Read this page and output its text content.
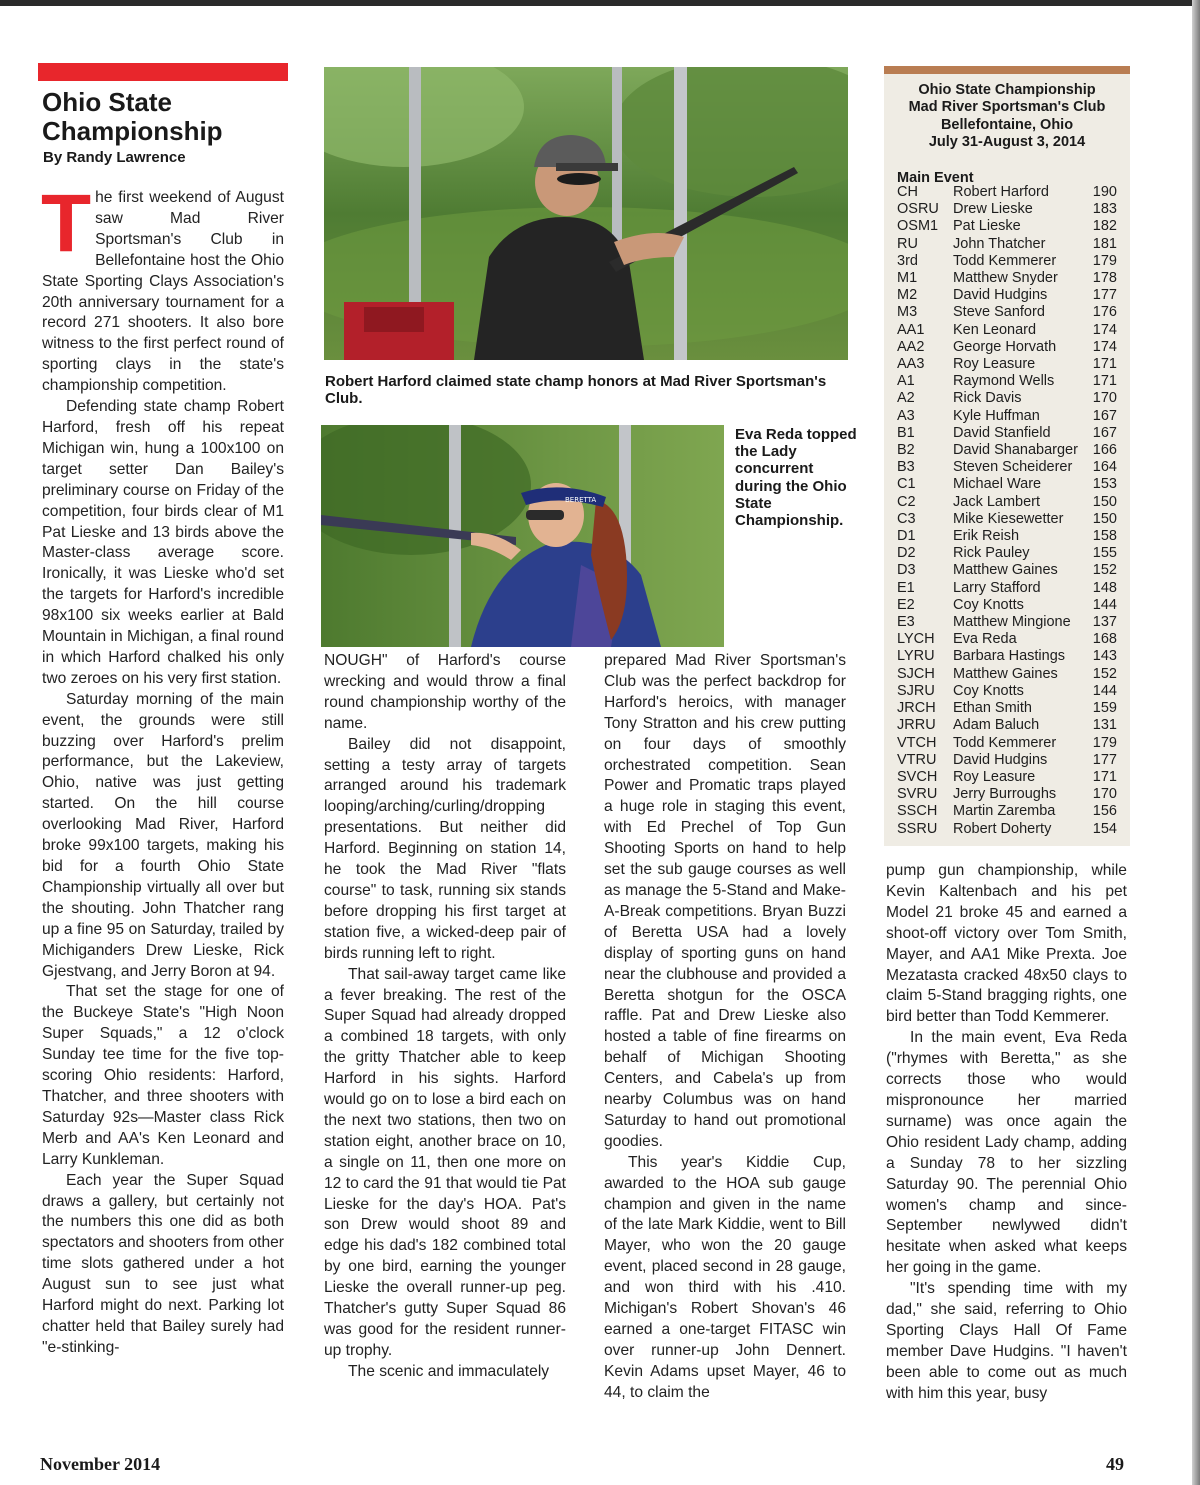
Ohio State Championship
By Randy Lawrence

The first weekend of August saw Mad River Sportsman's Club in Bellefontaine host the Ohio State Sporting Clays Association's 20th anniversary tournament for a record 271 shooters. It also bore witness to the first perfect round of sporting clays in the state's championship competition.

Defending state champ Robert Harford, fresh off his repeat Michigan win, hung a 100x100 on target setter Dan Bailey's preliminary course on Friday of the competition, four birds clear of M1 Pat Lieske and 13 birds above the Master-class average score. Ironically, it was Lieske who'd set the targets for Harford's incredible 98x100 six weeks earlier at Bald Mountain in Michigan, a final round in which Harford chalked his only two zeroes on his very first station.

Saturday morning of the main event, the grounds were still buzzing over Harford's prelim performance, but the Lakeview, Ohio, native was just getting started. On the hill course overlooking Mad River, Harford broke 99x100 targets, making his bid for a fourth Ohio State Championship virtually all over but the shouting. John Thatcher rang up a fine 95 on Saturday, trailed by Michiganders Drew Lieske, Rick Gjestvang, and Jerry Boron at 94.

That set the stage for one of the Buckeye State's "High Noon Super Squads," a 12 o'clock Sunday tee time for the five top-scoring Ohio residents: Harford, Thatcher, and three shooters with Saturday 92s—Master class Rick Merb and AA's Ken Leonard and Larry Kunkleman.

Each year the Super Squad draws a gallery, but certainly not the numbers this one did as both spectators and shooters from other time slots gathered under a hot August sun to see just what Harford might do next. Parking lot chatter held that Bailey surely had "e-stinking-

Robert Harford claimed state champ honors at Mad River Sportsman's Club.

BERETTA

Eva Reda topped the Lady concurrent during the Ohio State Championship.

NOUGH" of Harford's course wrecking and would throw a final round championship worthy of the name.

Bailey did not disappoint, setting a testy array of targets arranged around his trademark looping/arching/curling/dropping presentations. But neither did Harford. Beginning on station 14, he took the Mad River "flats course" to task, running six stands before dropping his first target at station five, a wicked-deep pair of birds running left to right.

That sail-away target came like a fever breaking. The rest of the Super Squad had already dropped a combined 18 targets, with only the gritty Thatcher able to keep Harford in his sights. Harford would go on to lose a bird each on the next two stations, then two on station eight, another brace on 10, a single on 11, then one more on 12 to card the 91 that would tie Pat Lieske for the day's HOA. Pat's son Drew would shoot 89 and edge his dad's 182 combined total by one bird, earning the younger Lieske the overall runner-up peg. Thatcher's gutty Super Squad 86 was good for the resident runner-up trophy.

The scenic and immaculately

prepared Mad River Sportsman's Club was the perfect backdrop for Harford's heroics, with manager Tony Stratton and his crew putting on four days of smoothly orchestrated competition. Sean Power and Promatic traps played a huge role in staging this event, with Ed Prechel of Top Gun Shooting Sports on hand to help set the sub gauge courses as well as manage the 5-Stand and Make-A-Break competitions. Bryan Buzzi of Beretta USA had a lovely display of sporting guns on hand near the clubhouse and provided a Beretta shotgun for the OSCA raffle. Pat and Drew Lieske also hosted a table of fine firearms on behalf of Michigan Shooting Centers, and Cabela's up from nearby Columbus was on hand Saturday to hand out promotional goodies.

This year's Kiddie Cup, awarded to the HOA sub gauge champion and given in the name of the late Mark Kiddie, went to Bill Mayer, who won the 20 gauge event, placed second in 28 gauge, and won third with his .410. Michigan's Robert Shovan's 46 earned a one-target FITASC win over runner-up John Dennert. Kevin Adams upset Mayer, 46 to 44, to claim the

Ohio State Championship
Mad River Sportsman's Club
Bellefontaine, Ohio
July 31-August 3, 2014
Main Event
CH	Robert Harford	190
OSRU	Drew Lieske	183
OSM1	Pat Lieske	182
RU	John Thatcher	181
3rd	Todd Kemmerer	179
M1	Matthew Snyder	178
M2	David Hudgins	177
M3	Steve Sanford	176
AA1	Ken Leonard	174
AA2	George Horvath	174
AA3	Roy Leasure	171
A1	Raymond Wells	171
A2	Rick Davis	170
A3	Kyle Huffman	167
B1	David Stanfield	167
B2	David Shanabarger	166
B3	Steven Scheiderer	164
C1	Michael Ware	153
C2	Jack Lambert	150
C3	Mike Kiesewetter	150
D1	Erik Reish	158
D2	Rick Pauley	155
D3	Matthew Gaines	152
E1	Larry Stafford	148
E2	Coy Knotts	144
E3	Matthew Mingione	137
LYCH	Eva Reda	168
LYRU	Barbara Hastings	143
SJCH	Matthew Gaines	152
SJRU	Coy Knotts	144
JRCH	Ethan Smith	159
JRRU	Adam Baluch	131
VTCH	Todd Kemmerer	179
VTRU	David Hudgins	177
SVCH	Roy Leasure	171
SVRU	Jerry Burroughs	170
SSCH	Martin Zaremba	156
SSRU	Robert Doherty	154

pump gun championship, while Kevin Kaltenbach and his pet Model 21 broke 45 and earned a shoot-off victory over Tom Smith, Mayer, and AA1 Mike Prexta. Joe Mezatasta cracked 48x50 clays to claim 5-Stand bragging rights, one bird better than Todd Kemmerer.

In the main event, Eva Reda ("rhymes with Beretta," as she corrects those who would mispronounce her married surname) was once again the Ohio resident Lady champ, adding a Sunday 78 to her sizzling Saturday 90. The perennial Ohio women's champ and since-September newlywed didn't hesitate when asked what keeps her going in the game.

"It's spending time with my dad," she said, referring to Ohio Sporting Clays Hall Of Fame member Dave Hudgins. "I haven't been able to come out as much with him this year, busy

November 2014	49
